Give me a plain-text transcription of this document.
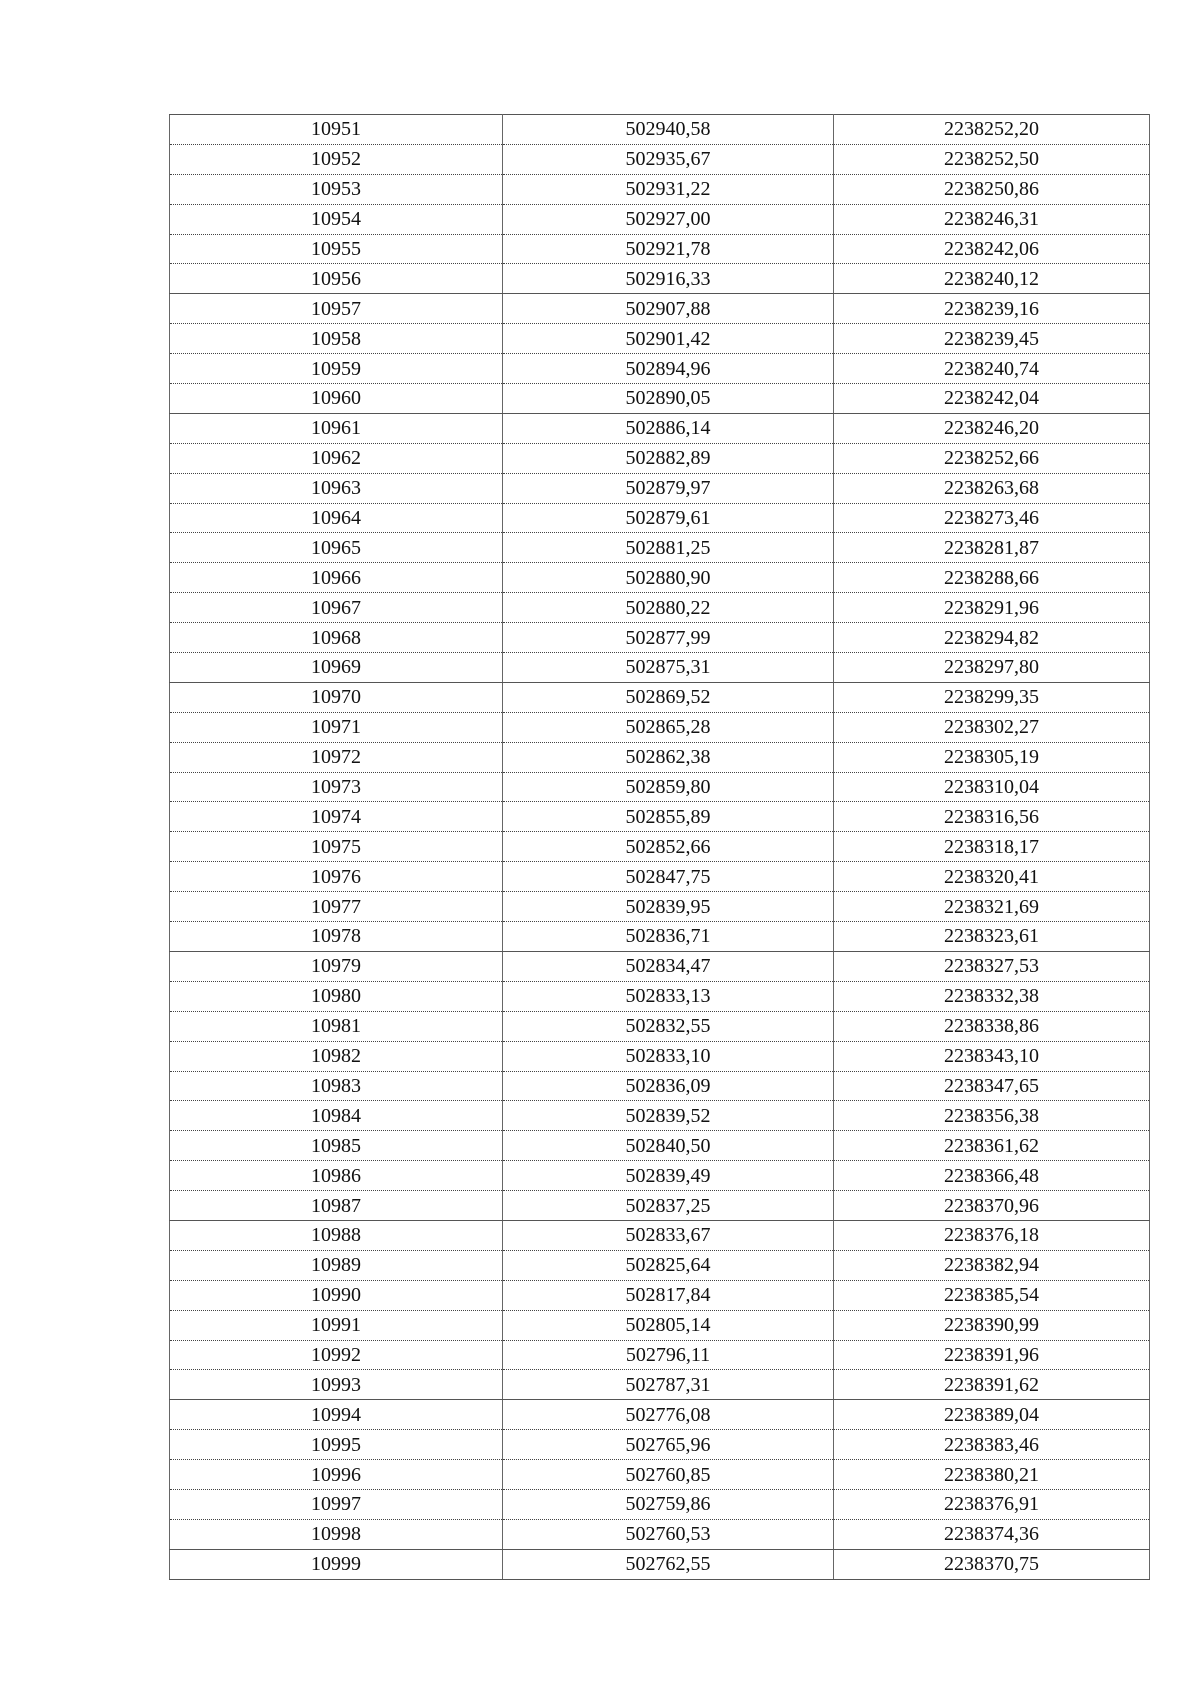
10951	502940,58	2238252,20
10952	502935,67	2238252,50
10953	502931,22	2238250,86
10954	502927,00	2238246,31
10955	502921,78	2238242,06
10956	502916,33	2238240,12
10957	502907,88	2238239,16
10958	502901,42	2238239,45
10959	502894,96	2238240,74
10960	502890,05	2238242,04
10961	502886,14	2238246,20
10962	502882,89	2238252,66
10963	502879,97	2238263,68
10964	502879,61	2238273,46
10965	502881,25	2238281,87
10966	502880,90	2238288,66
10967	502880,22	2238291,96
10968	502877,99	2238294,82
10969	502875,31	2238297,80
10970	502869,52	2238299,35
10971	502865,28	2238302,27
10972	502862,38	2238305,19
10973	502859,80	2238310,04
10974	502855,89	2238316,56
10975	502852,66	2238318,17
10976	502847,75	2238320,41
10977	502839,95	2238321,69
10978	502836,71	2238323,61
10979	502834,47	2238327,53
10980	502833,13	2238332,38
10981	502832,55	2238338,86
10982	502833,10	2238343,10
10983	502836,09	2238347,65
10984	502839,52	2238356,38
10985	502840,50	2238361,62
10986	502839,49	2238366,48
10987	502837,25	2238370,96
10988	502833,67	2238376,18
10989	502825,64	2238382,94
10990	502817,84	2238385,54
10991	502805,14	2238390,99
10992	502796,11	2238391,96
10993	502787,31	2238391,62
10994	502776,08	2238389,04
10995	502765,96	2238383,46
10996	502760,85	2238380,21
10997	502759,86	2238376,91
10998	502760,53	2238374,36
10999	502762,55	2238370,75
